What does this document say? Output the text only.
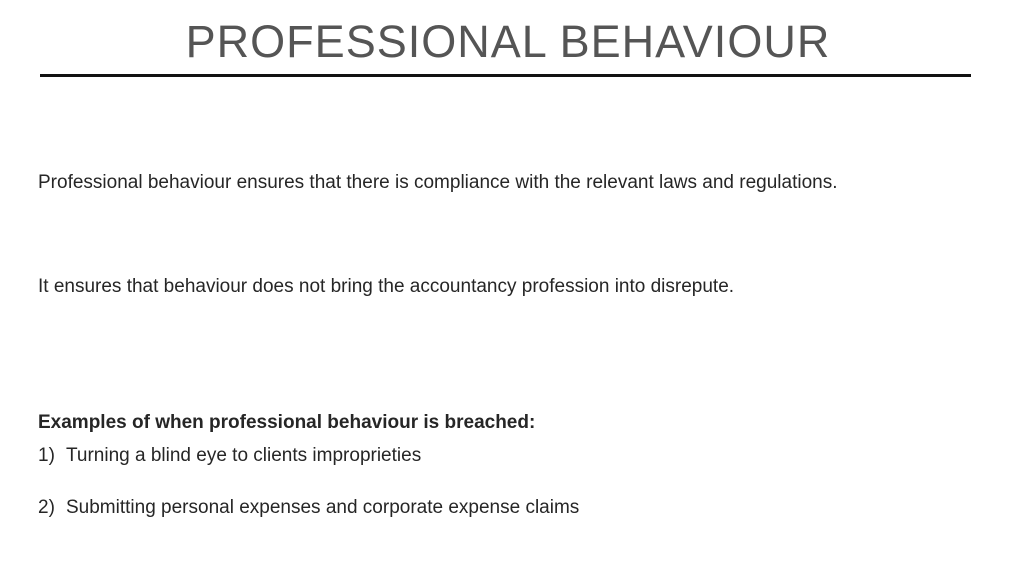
PROFESSIONAL BEHAVIOUR

Professional behaviour ensures that there is compliance with the relevant laws and regulations.

It ensures that behaviour does not bring the accountancy profession into disrepute.

Examples of when professional behaviour is breached:

1) Turning a blind eye to clients improprieties
2) Submitting personal expenses and corporate expense claims
